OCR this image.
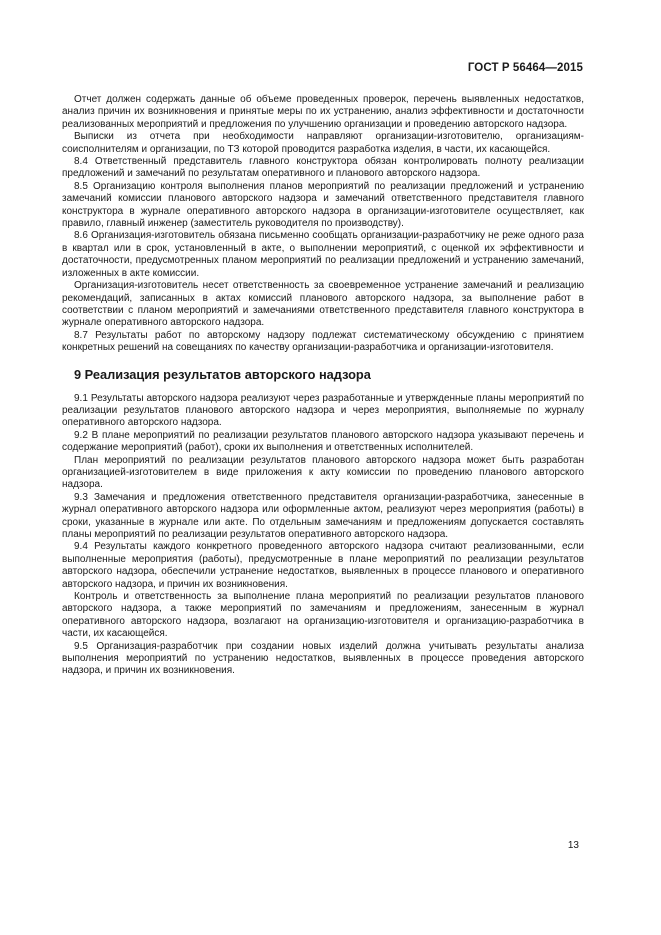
ГОСТ Р 56464—2015

Отчет должен содержать данные об объеме проведенных проверок, перечень выявленных недостатков, анализ причин их возникновения и принятые меры по их устранению, анализ эффективности и достаточности реализованных мероприятий и предложения по улучшению организации и проведению авторского надзора.

Выписки из отчета при необходимости направляют организации-изготовителю, организациям-соисполнителям и организации, по ТЗ которой проводится разработка изделия, в части, их касающейся.

8.4 Ответственный представитель главного конструктора обязан контролировать полноту реализации предложений и замечаний по результатам оперативного и планового авторского надзора.

8.5 Организацию контроля выполнения планов мероприятий по реализации предложений и устранению замечаний комиссии планового авторского надзора и замечаний ответственного представителя главного конструктора в журнале оперативного авторского надзора в организации-изготовителе осуществляет, как правило, главный инженер (заместитель руководителя по производству).

8.6 Организация-изготовитель обязана письменно сообщать организации-разработчику не реже одного раза в квартал или в срок, установленный в акте, о выполнении мероприятий, с оценкой их эффективности и достаточности, предусмотренных планом мероприятий по реализации предложений и устранению замечаний, изложенных в акте комиссии.

Организация-изготовитель несет ответственность за своевременное устранение замечаний и реализацию рекомендаций, записанных в актах комиссий планового авторского надзора, за выполнение работ в соответствии с планом мероприятий и замечаниями ответственного представителя главного конструктора в журнале оперативного авторского надзора.

8.7 Результаты работ по авторскому надзору подлежат систематическому обсуждению с принятием конкретных решений на совещаниях по качеству организации-разработчика и организации-изготовителя.

9 Реализация результатов авторского надзора

9.1 Результаты авторского надзора реализуют через разработанные и утвержденные планы мероприятий по реализации результатов планового авторского надзора и через мероприятия, выполняемые по журналу оперативного авторского надзора.

9.2 В плане мероприятий по реализации результатов планового авторского надзора указывают перечень и содержание мероприятий (работ), сроки их выполнения и ответственных исполнителей.

План мероприятий по реализации результатов планового авторского надзора может быть разработан организацией-изготовителем в виде приложения к акту комиссии по проведению планового авторского надзора.

9.3 Замечания и предложения ответственного представителя организации-разработчика, занесенные в журнал оперативного авторского надзора или оформленные актом, реализуют через мероприятия (работы) в сроки, указанные в журнале или акте. По отдельным замечаниям и предложениям допускается составлять планы мероприятий по реализации результатов оперативного авторского надзора.

9.4 Результаты каждого конкретного проведенного авторского надзора считают реализованными, если выполненные мероприятия (работы), предусмотренные в плане мероприятий по реализации результатов авторского надзора, обеспечили устранение недостатков, выявленных в процессе планового и оперативного авторского надзора, и причин их возникновения.

Контроль и ответственность за выполнение плана мероприятий по реализации результатов планового авторского надзора, а также мероприятий по замечаниям и предложениям, занесенным в журнал оперативного авторского надзора, возлагают на организацию-изготовителя и организацию-разработчика в части, их касающейся.

9.5 Организация-разработчик при создании новых изделий должна учитывать результаты анализа выполнения мероприятий по устранению недостатков, выявленных в процессе проведения авторского надзора, и причин их возникновения.

13
